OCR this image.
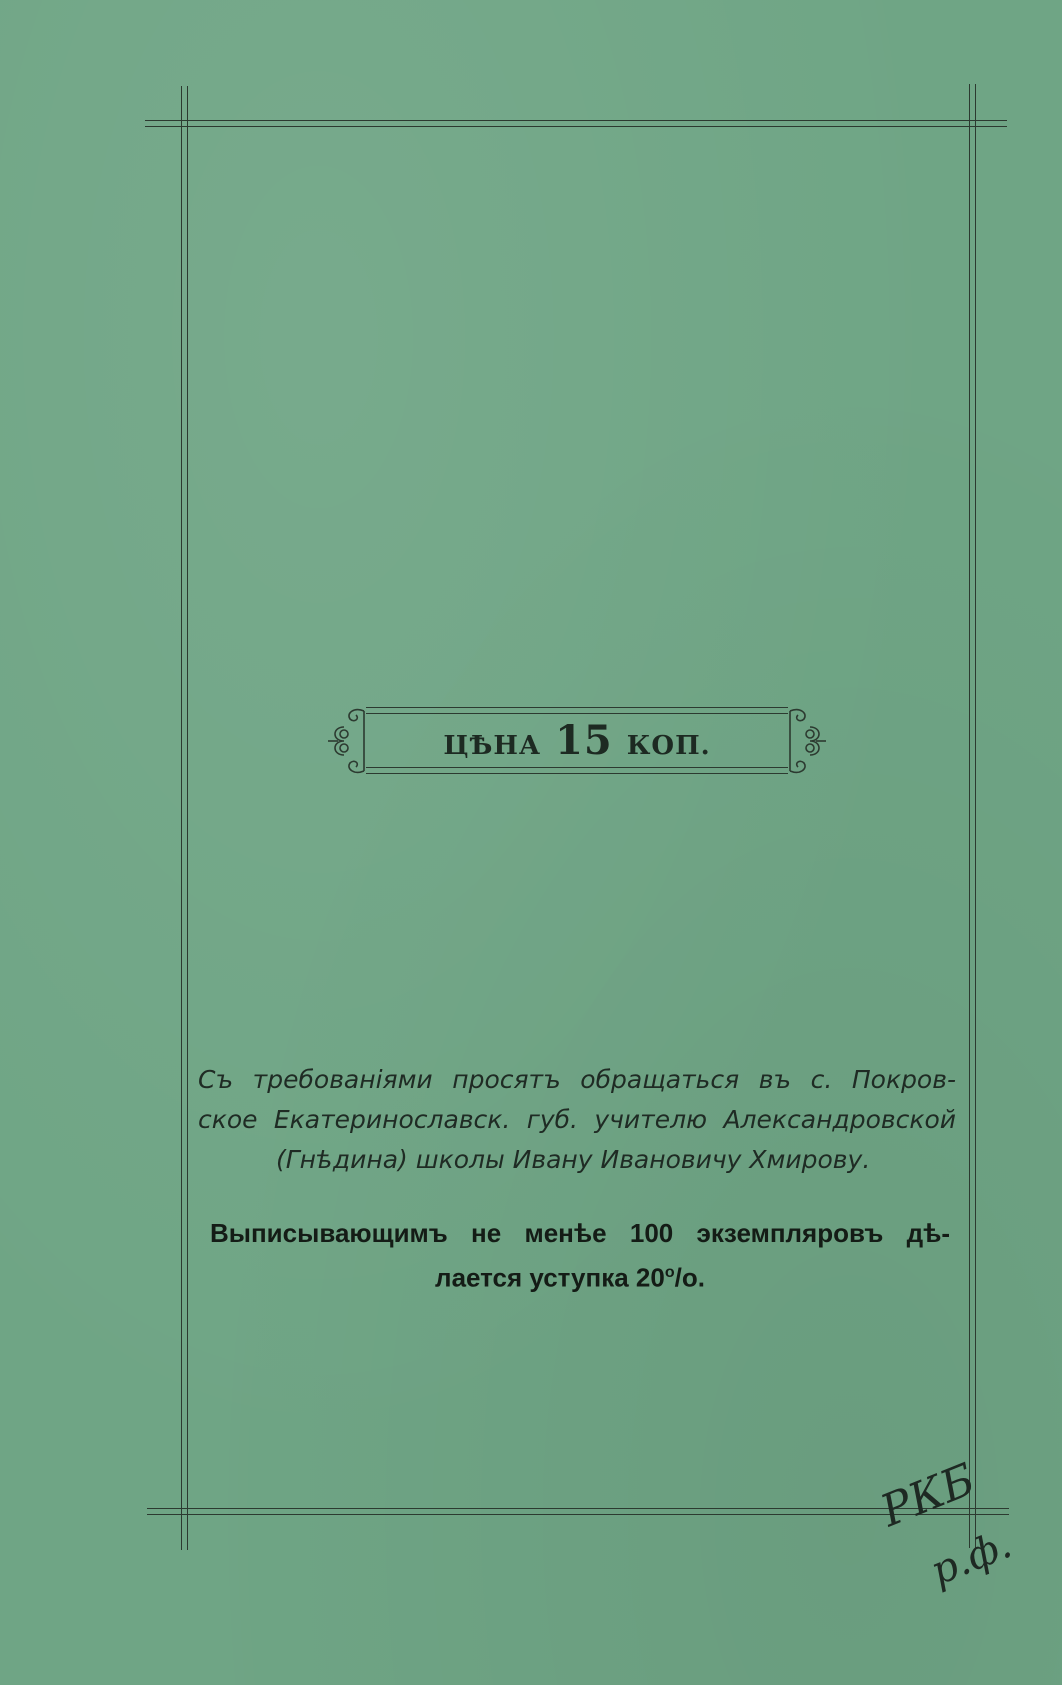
ЦѢНА 15 КОП.
Съ требованіями просятъ обращаться въ с. Покров-
ское Екатеринославск. губ. учителю Александровской
(Гнѣдина) школы Ивану Ивановичу Хмирову.
Выписывающимъ не менѣе 100 экземпляровъ дѣ-
лается уступка $20^о/о$.
РКБ
р.ф.
